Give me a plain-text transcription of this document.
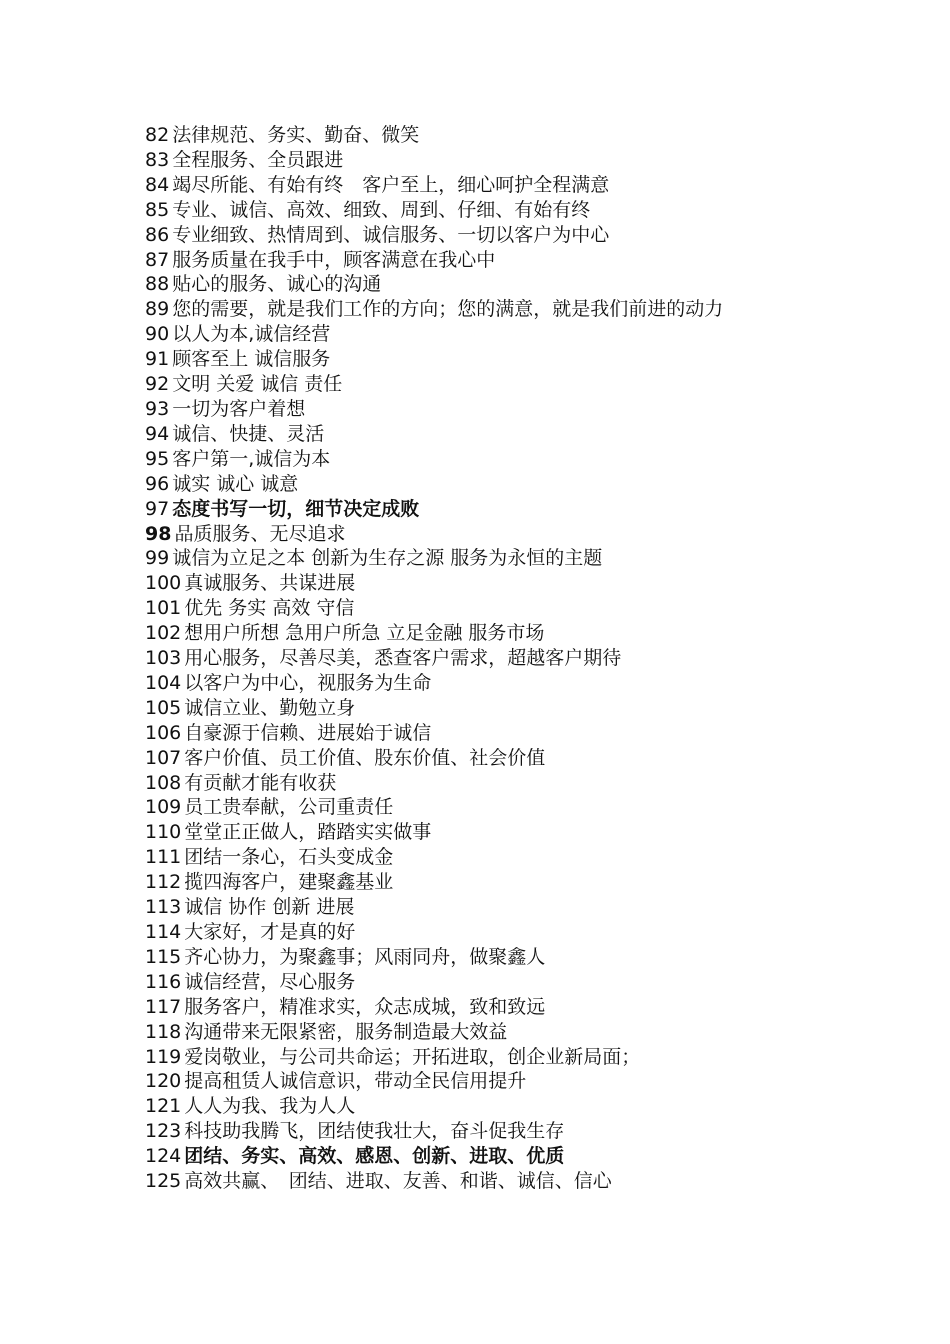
82 法律规范、务实、勤奋、微笑

83 全程服务、全员跟进

84 竭尽所能、有始有终　客户至上，细心呵护全程满意

85 专业、诚信、高效、细致、周到、仔细、有始有终

86 专业细致、热情周到、诚信服务、一切以客户为中心

87 服务质量在我手中，顾客满意在我心中

88 贴心的服务、诚心的沟通

89 您的需要，就是我们工作的方向；您的满意，就是我们前进的动力

90 以人为本,诚信经营

91 顾客至上 诚信服务

92 文明 关爱 诚信 责任

93 一切为客户着想

94 诚信、快捷、灵活

95 客户第一,诚信为本

96 诚实 诚心 诚意

97 态度书写一切，细节决定成败

98 品质服务、无尽追求

99 诚信为立足之本 创新为生存之源 服务为永恒的主题

100 真诚服务、共谋进展

101 优先 务实 高效 守信

102 想用户所想 急用户所急 立足金融 服务市场

103 用心服务，尽善尽美，悉查客户需求，超越客户期待

104 以客户为中心，视服务为生命

105 诚信立业、勤勉立身

106 自豪源于信赖、进展始于诚信

107 客户价值、员工价值、股东价值、社会价值

108 有贡献才能有收获

109 员工贵奉献，公司重责任

110 堂堂正正做人，踏踏实实做事

111 团结一条心，石头变成金

112 揽四海客户，建聚鑫基业

113 诚信 协作 创新 进展

114 大家好，才是真的好

115 齐心协力，为聚鑫事；风雨同舟，做聚鑫人

116 诚信经营，尽心服务

117 服务客户，精准求实，众志成城，致和致远

118 沟通带来无限紧密，服务制造最大效益

119 爱岗敬业，与公司共命运；开拓进取，创企业新局面；

120 提高租赁人诚信意识，带动全民信用提升

121 人人为我、我为人人

123 科技助我腾飞，团结使我壮大，奋斗促我生存

124 团结、务实、高效、感恩、创新、进取、优质

125 高效共赢、　团结、进取、友善、和谐、诚信、信心
